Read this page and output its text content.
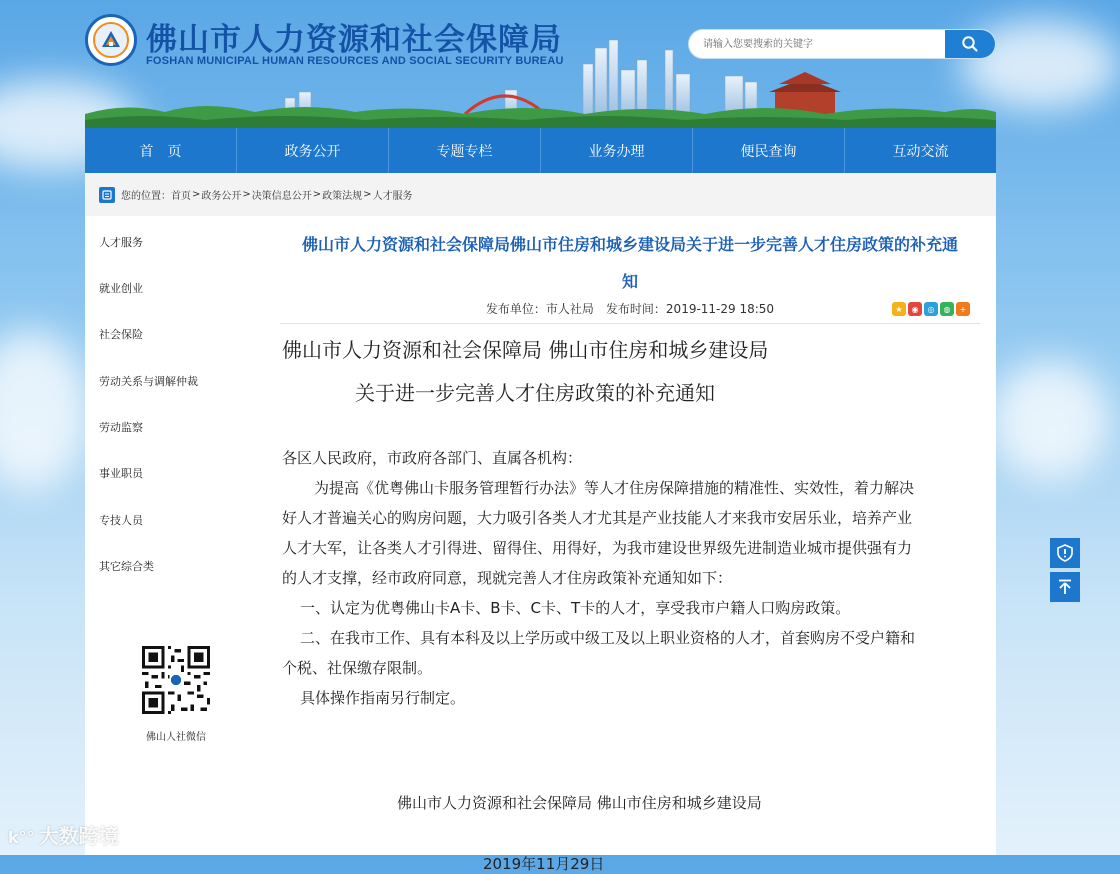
佛山市人力资源和社会保障局
FOSHAN MUNICIPAL HUMAN RESOURCES AND SOCIAL SECURITY BUREAU
请输入您要搜索的关键字
首　页	政务公开	专题专栏	业务办理	便民查询	互动交流
您的位置： 首页 > 政务公开 > 决策信息公开 > 政策法规 > 人才服务
人才服务
就业创业
社会保险
劳动关系与调解仲裁
劳动监察
事业职员
专技人员
其它综合类
佛山人社微信
佛山市人力资源和社会保障局佛山市住房和城乡建设局关于进一步完善人才住房政策的补充通
知
发布单位：市人社局　发布时间：2019-11-29 18:50	★	◉	◎	◍	+
佛山市人力资源和社会保障局 佛山市住房和城乡建设局
关于进一步完善人才住房政策的补充通知
各区人民政府，市政府各部门、直属各机构：
为提高《优粤佛山卡服务管理暂行办法》等人才住房保障措施的精准性、实效性，着力解决
好人才普遍关心的购房问题，大力吸引各类人才尤其是产业技能人才来我市安居乐业，培养产业
人才大军，让各类人才引得进、留得住、用得好，为我市建设世界级先进制造业城市提供强有力
的人才支撑，经市政府同意，现就完善人才住房政策补充通知如下：
一、认定为优粤佛山卡A卡、B卡、C卡、T卡的人才，享受我市户籍人口购房政策。
二、在我市工作、具有本科及以上学历或中级工及以上职业资格的人才，首套购房不受户籍和
个税、社保缴存限制。
具体操作指南另行制定。
佛山市人力资源和社会保障局 佛山市住房和城乡建设局
2019年11月29日
k°° 大数跨境
